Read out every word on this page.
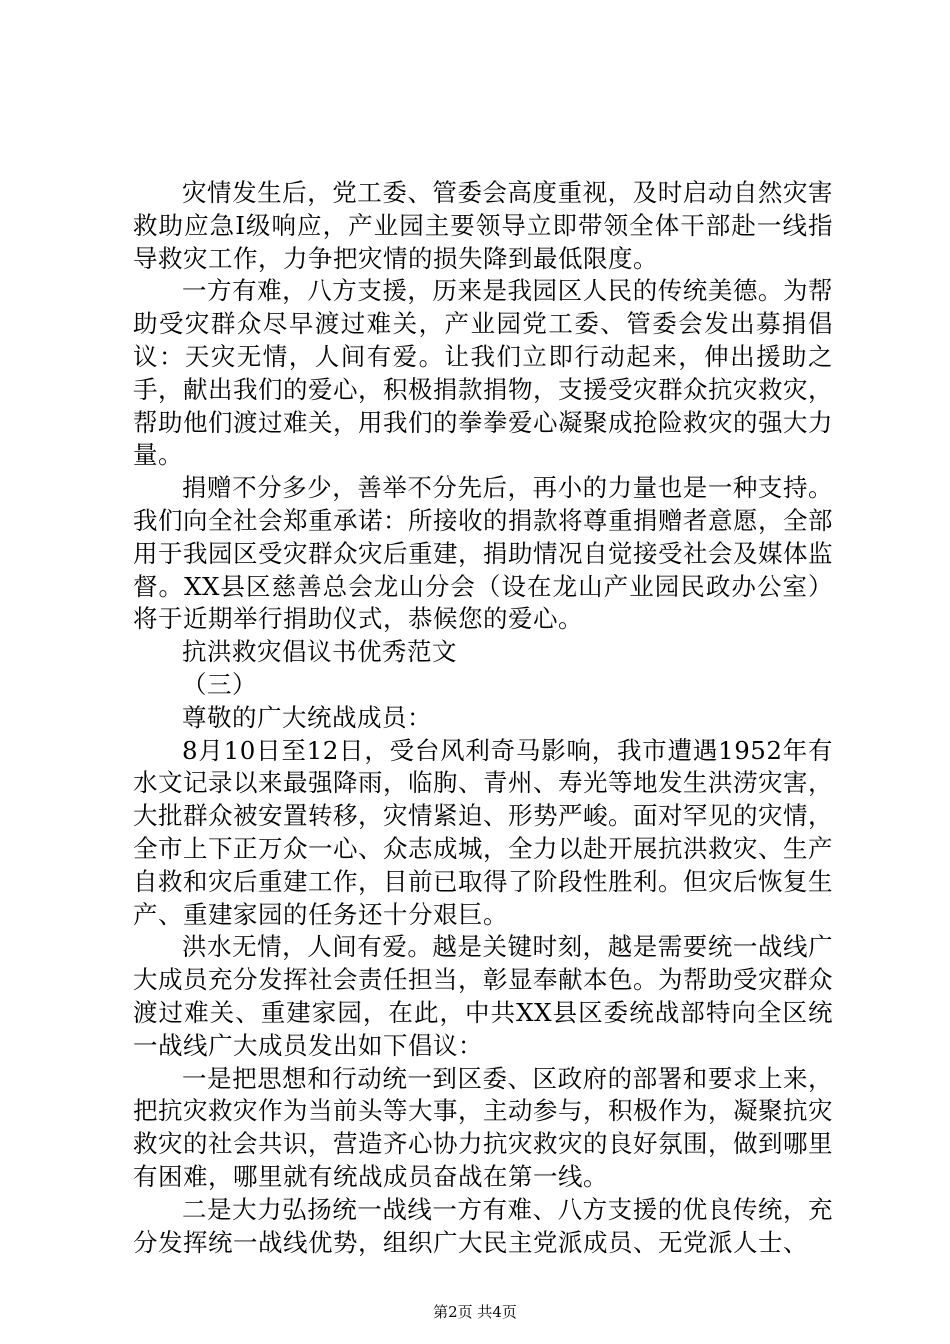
灾情发生后，党工委、管委会高度重视，及时启动自然灾害救助应急Ⅰ级响应，产业园主要领导立即带领全体干部赴一线指导救灾工作，力争把灾情的损失降到最低限度。

一方有难，八方支援，历来是我园区人民的传统美德。为帮助受灾群众尽早渡过难关，产业园党工委、管委会发出募捐倡议：天灾无情，人间有爱。让我们立即行动起来，伸出援助之手，献出我们的爱心，积极捐款捐物，支援受灾群众抗灾救灾，帮助他们渡过难关，用我们的拳拳爱心凝聚成抢险救灾的强大力量。

捐赠不分多少，善举不分先后，再小的力量也是一种支持。我们向全社会郑重承诺：所接收的捐款将尊重捐赠者意愿，全部用于我园区受灾群众灾后重建，捐助情况自觉接受社会及媒体监督。XX县区慈善总会龙山分会（设在龙山产业园民政办公室）将于近期举行捐助仪式，恭候您的爱心。

抗洪救灾倡议书优秀范文

（三）

尊敬的广大统战成员：

8月10日至12日，受台风利奇马影响，我市遭遇1952年有水文记录以来最强降雨，临朐、青州、寿光等地发生洪涝灾害，大批群众被安置转移，灾情紧迫、形势严峻。面对罕见的灾情，全市上下正万众一心、众志成城，全力以赴开展抗洪救灾、生产自救和灾后重建工作，目前已取得了阶段性胜利。但灾后恢复生产、重建家园的任务还十分艰巨。

洪水无情，人间有爱。越是关键时刻，越是需要统一战线广大成员充分发挥社会责任担当，彰显奉献本色。为帮助受灾群众渡过难关、重建家园，在此，中共XX县区委统战部特向全区统一战线广大成员发出如下倡议：

一是把思想和行动统一到区委、区政府的部署和要求上来，把抗灾救灾作为当前头等大事，主动参与，积极作为，凝聚抗灾救灾的社会共识，营造齐心协力抗灾救灾的良好氛围，做到哪里有困难，哪里就有统战成员奋战在第一线。

二是大力弘扬统一战线一方有难、八方支援的优良传统，充分发挥统一战线优势，组织广大民主党派成员、无党派人士、

第2页 共4页
